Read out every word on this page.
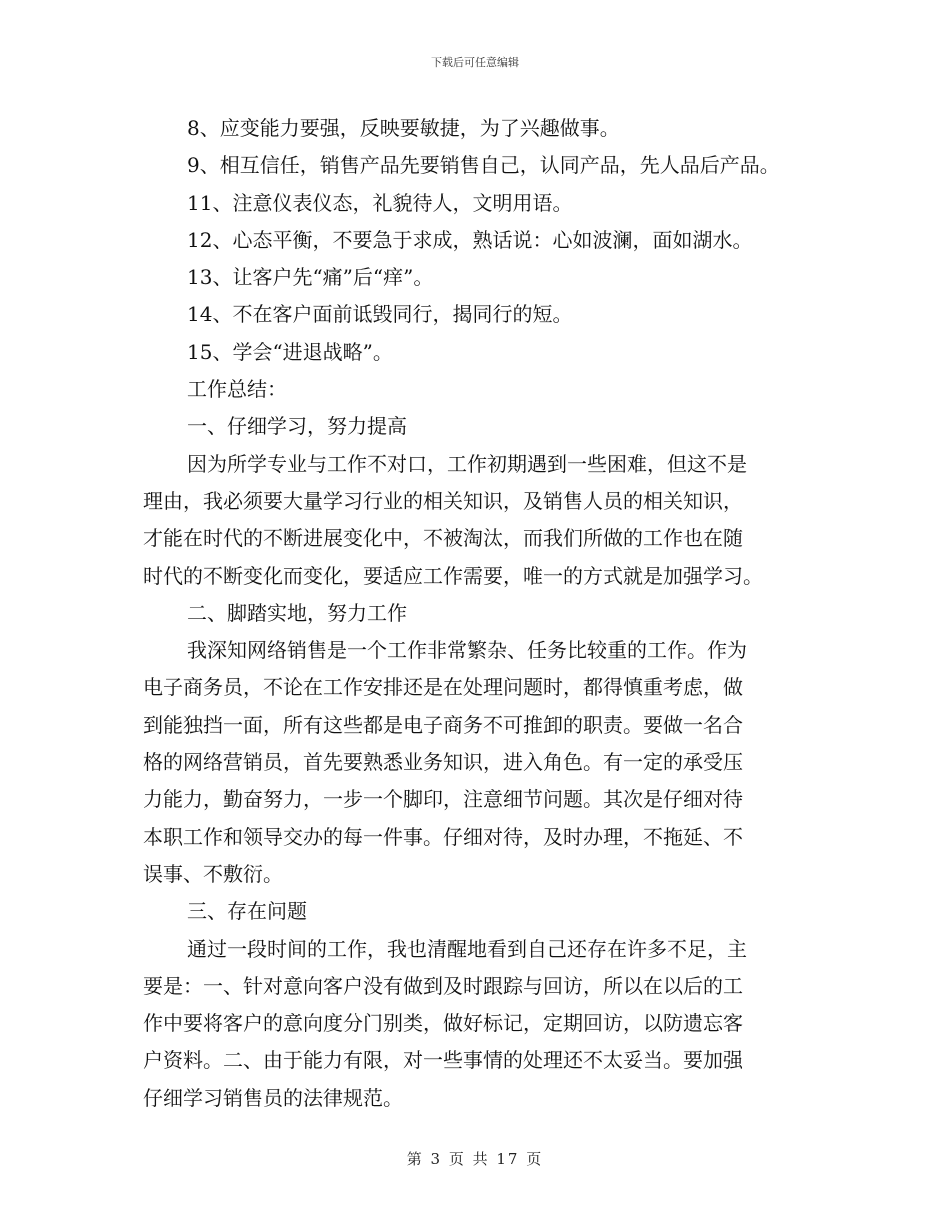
下载后可任意编辑
8、应变能力要强，反映要敏捷，为了兴趣做事。
9、相互信任，销售产品先要销售自己，认同产品，先人品后产品。
11、注意仪表仪态，礼貌待人，文明用语。
12、心态平衡，不要急于求成，熟话说：心如波澜，面如湖水。
13、让客户先“痛”后“痒”。
14、不在客户面前诋毁同行，揭同行的短。
15、学会“进退战略”。
工作总结：
一、仔细学习，努力提高
因为所学专业与工作不对口，工作初期遇到一些困难，但这不是
理由，我必须要大量学习行业的相关知识，及销售人员的相关知识，
才能在时代的不断进展变化中，不被淘汰，而我们所做的工作也在随
时代的不断变化而变化，要适应工作需要，唯一的方式就是加强学习。
二、脚踏实地，努力工作
我深知网络销售是一个工作非常繁杂、任务比较重的工作。作为
电子商务员，不论在工作安排还是在处理问题时，都得慎重考虑，做
到能独挡一面，所有这些都是电子商务不可推卸的职责。要做一名合
格的网络营销员，首先要熟悉业务知识，进入角色。有一定的承受压
力能力，勤奋努力，一步一个脚印，注意细节问题。其次是仔细对待
本职工作和领导交办的每一件事。仔细对待，及时办理，不拖延、不
误事、不敷衍。
三、存在问题
通过一段时间的工作，我也清醒地看到自己还存在许多不足，主
要是：一、针对意向客户没有做到及时跟踪与回访，所以在以后的工
作中要将客户的意向度分门别类，做好标记，定期回访，以防遗忘客
户资料。二、由于能力有限，对一些事情的处理还不太妥当。要加强
仔细学习销售员的法律规范。
第 3 页 共 17 页
